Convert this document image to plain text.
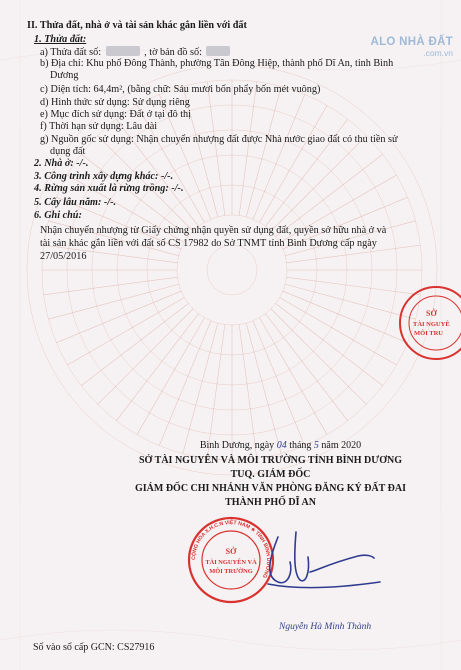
ALO NHÀ ĐẤT
.com.vn
II. Thửa đất, nhà ở và tài sản khác gắn liền với đất
1. Thửa đất:
a) Thửa đất số:	, tờ bản đồ số:
b) Địa chỉ: Khu phố Đông Thành, phường Tân Đông Hiệp, thành phố Dĩ An, tỉnh Bình
Dương
c) Diện tích: 64,4m², (bằng chữ: Sáu mươi bốn phẩy bốn mét vuông)
d) Hình thức sử dụng: Sử dụng riêng
e) Mục đích sử dụng: Đất ở tại đô thị
f) Thời hạn sử dụng: Lâu dài
g) Nguồn gốc sử dụng: Nhận chuyển nhượng đất được Nhà nước giao đất có thu tiền sử
dụng đất
2. Nhà ở: -/-.
3. Công trình xây dựng khác: -/-.
4. Rừng sản xuất là rừng trồng: -/-.
5. Cây lâu năm: -/-.
6. Ghi chú:
Nhận chuyển nhượng từ Giấy chứng nhận quyền sử dụng đất, quyền sở hữu nhà ở và
tài sản khác gắn liền với đất số CS 17982 do Sở TNMT tỉnh Bình Dương cấp ngày
27/05/2016
SỞ
TÀI NGUYÊ
MÔI TRU
Bình Dương, ngày 04 tháng 5 năm 2020
SỞ TÀI NGUYÊN VÀ MÔI TRƯỜNG TỈNH BÌNH DƯƠNG
TUQ. GIÁM ĐỐC
GIÁM ĐỐC CHI NHÁNH VĂN PHÒNG ĐĂNG KÝ ĐẤT ĐAI
THÀNH PHỐ DĨ AN
CỘNG HÒA X.H.C.N VIỆT NAM ★ TỈNH BÌNH DƯƠNG
SỞ
TÀI NGUYÊN VÀ
MÔI TRƯỜNG
Nguyễn Hà Minh Thành
Số vào sổ cấp GCN: CS27916
